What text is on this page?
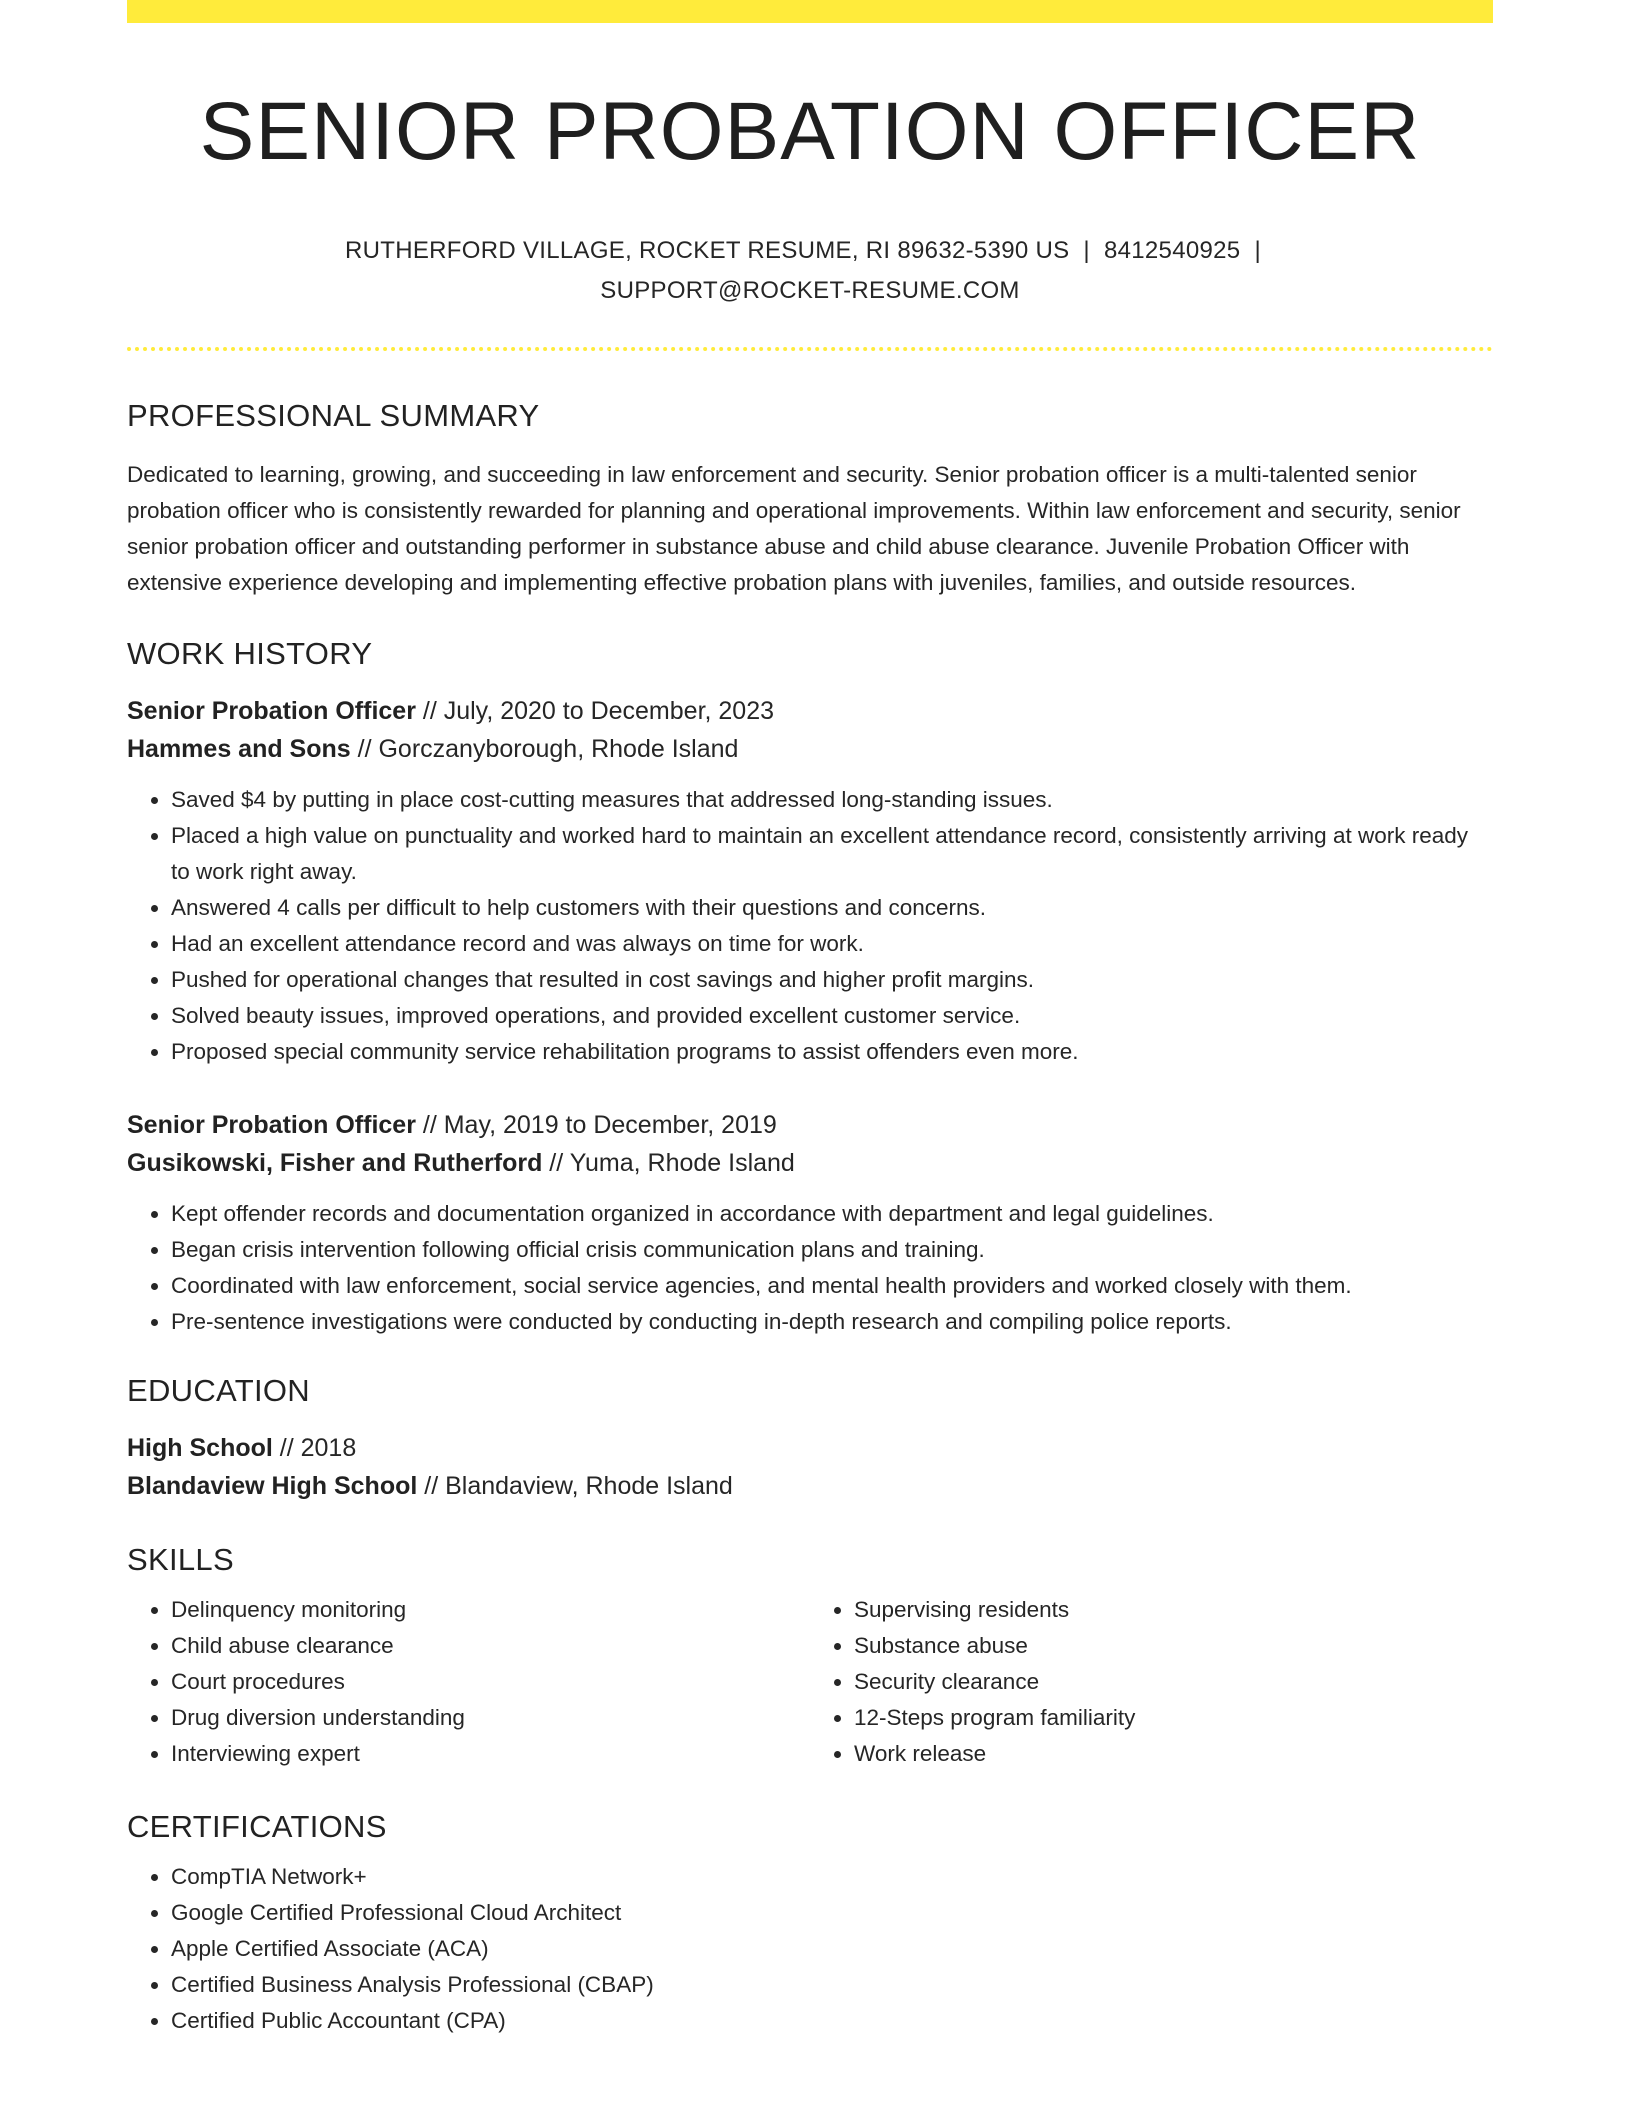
SENIOR PROBATION OFFICER
RUTHERFORD VILLAGE, ROCKET RESUME, RI 89632-5390 US | 8412540925 |
SUPPORT@ROCKET-RESUME.COM
PROFESSIONAL SUMMARY
Dedicated to learning, growing, and succeeding in law enforcement and security. Senior probation officer is a multi-talented senior probation officer who is consistently rewarded for planning and operational improvements. Within law enforcement and security, senior senior probation officer and outstanding performer in substance abuse and child abuse clearance. Juvenile Probation Officer with extensive experience developing and implementing effective probation plans with juveniles, families, and outside resources.
WORK HISTORY
Senior Probation Officer // July, 2020 to December, 2023
Hammes and Sons // Gorczanyborough, Rhode Island
• Saved $4 by putting in place cost-cutting measures that addressed long-standing issues.
• Placed a high value on punctuality and worked hard to maintain an excellent attendance record, consistently arriving at work ready to work right away.
• Answered 4 calls per difficult to help customers with their questions and concerns.
• Had an excellent attendance record and was always on time for work.
• Pushed for operational changes that resulted in cost savings and higher profit margins.
• Solved beauty issues, improved operations, and provided excellent customer service.
• Proposed special community service rehabilitation programs to assist offenders even more.
Senior Probation Officer // May, 2019 to December, 2019
Gusikowski, Fisher and Rutherford // Yuma, Rhode Island
• Kept offender records and documentation organized in accordance with department and legal guidelines.
• Began crisis intervention following official crisis communication plans and training.
• Coordinated with law enforcement, social service agencies, and mental health providers and worked closely with them.
• Pre-sentence investigations were conducted by conducting in-depth research and compiling police reports.
EDUCATION
High School // 2018
Blandaview High School // Blandaview, Rhode Island
SKILLS
• Delinquency monitoring
• Child abuse clearance
• Court procedures
• Drug diversion understanding
• Interviewing expert
• Supervising residents
• Substance abuse
• Security clearance
• 12-Steps program familiarity
• Work release
CERTIFICATIONS
• CompTIA Network+
• Google Certified Professional Cloud Architect
• Apple Certified Associate (ACA)
• Certified Business Analysis Professional (CBAP)
• Certified Public Accountant (CPA)
